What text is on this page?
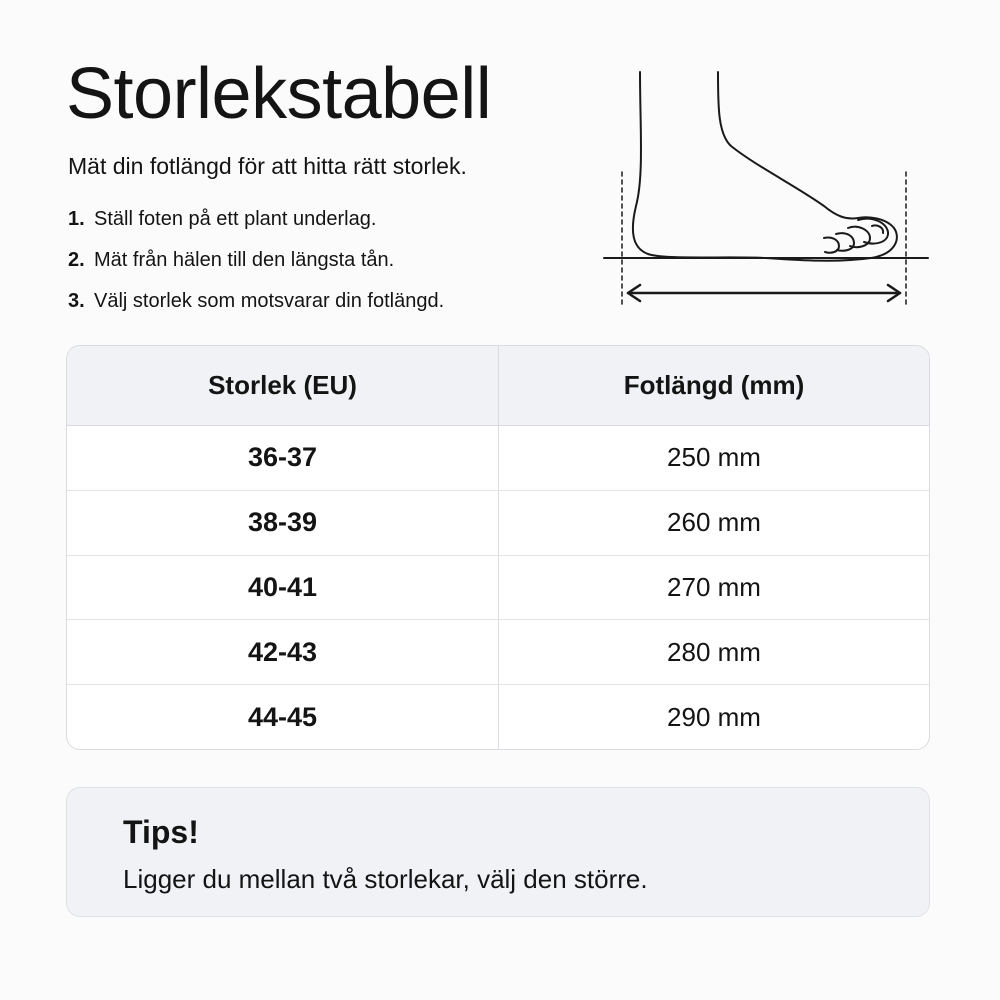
Storlekstabell
Mät din fotlängd för att hitta rätt storlek.
1. Ställ foten på ett plant underlag.
2. Mät från hälen till den längsta tån.
3. Välj storlek som motsvarar din fotlängd.
Storlek (EU)	Fotlängd (mm)
36-37	250 mm
38-39	260 mm
40-41	270 mm
42-43	280 mm
44-45	290 mm
Tips!
Ligger du mellan två storlekar, välj den större.
